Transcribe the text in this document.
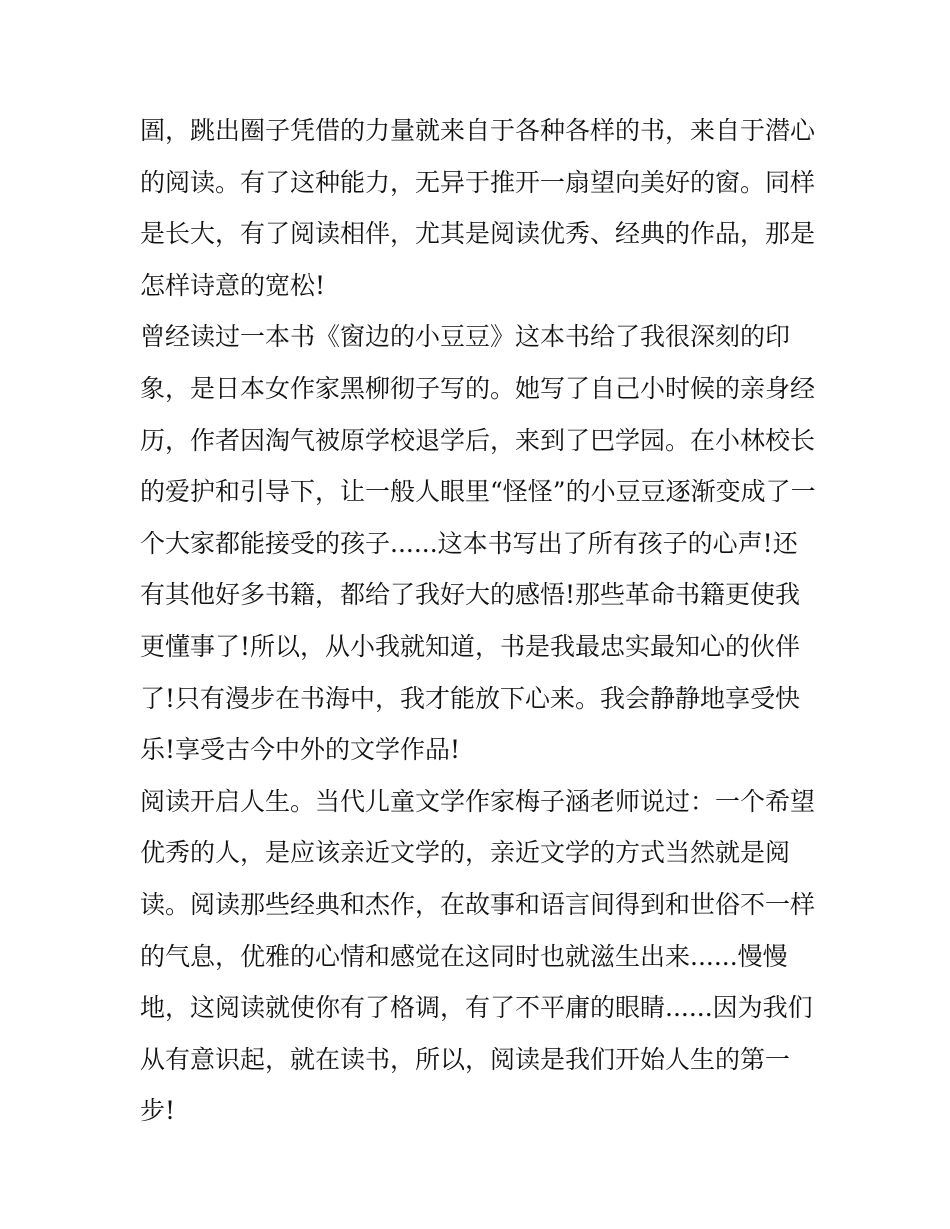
圄，跳出圈子凭借的力量就来自于各种各样的书，来自于潜心
的阅读。有了这种能力，无异于推开一扇望向美好的窗。同样
是长大，有了阅读相伴，尤其是阅读优秀、经典的作品，那是
怎样诗意的宽松!
曾经读过一本书《窗边的小豆豆》这本书给了我很深刻的印
象，是日本女作家黑柳彻子写的。她写了自己小时候的亲身经
历，作者因淘气被原学校退学后，来到了巴学园。在小林校长
的爱护和引导下，让一般人眼里“怪怪”的小豆豆逐渐变成了一
个大家都能接受的孩子......这本书写出了所有孩子的心声!还
有其他好多书籍，都给了我好大的感悟!那些革命书籍更使我
更懂事了!所以，从小我就知道，书是我最忠实最知心的伙伴
了!只有漫步在书海中，我才能放下心来。我会静静地享受快
乐!享受古今中外的文学作品!
阅读开启人生。当代儿童文学作家梅子涵老师说过：一个希望
优秀的人，是应该亲近文学的，亲近文学的方式当然就是阅
读。阅读那些经典和杰作，在故事和语言间得到和世俗不一样
的气息，优雅的心情和感觉在这同时也就滋生出来......慢慢
地，这阅读就使你有了格调，有了不平庸的眼睛......因为我们
从有意识起，就在读书，所以，阅读是我们开始人生的第一
步!
